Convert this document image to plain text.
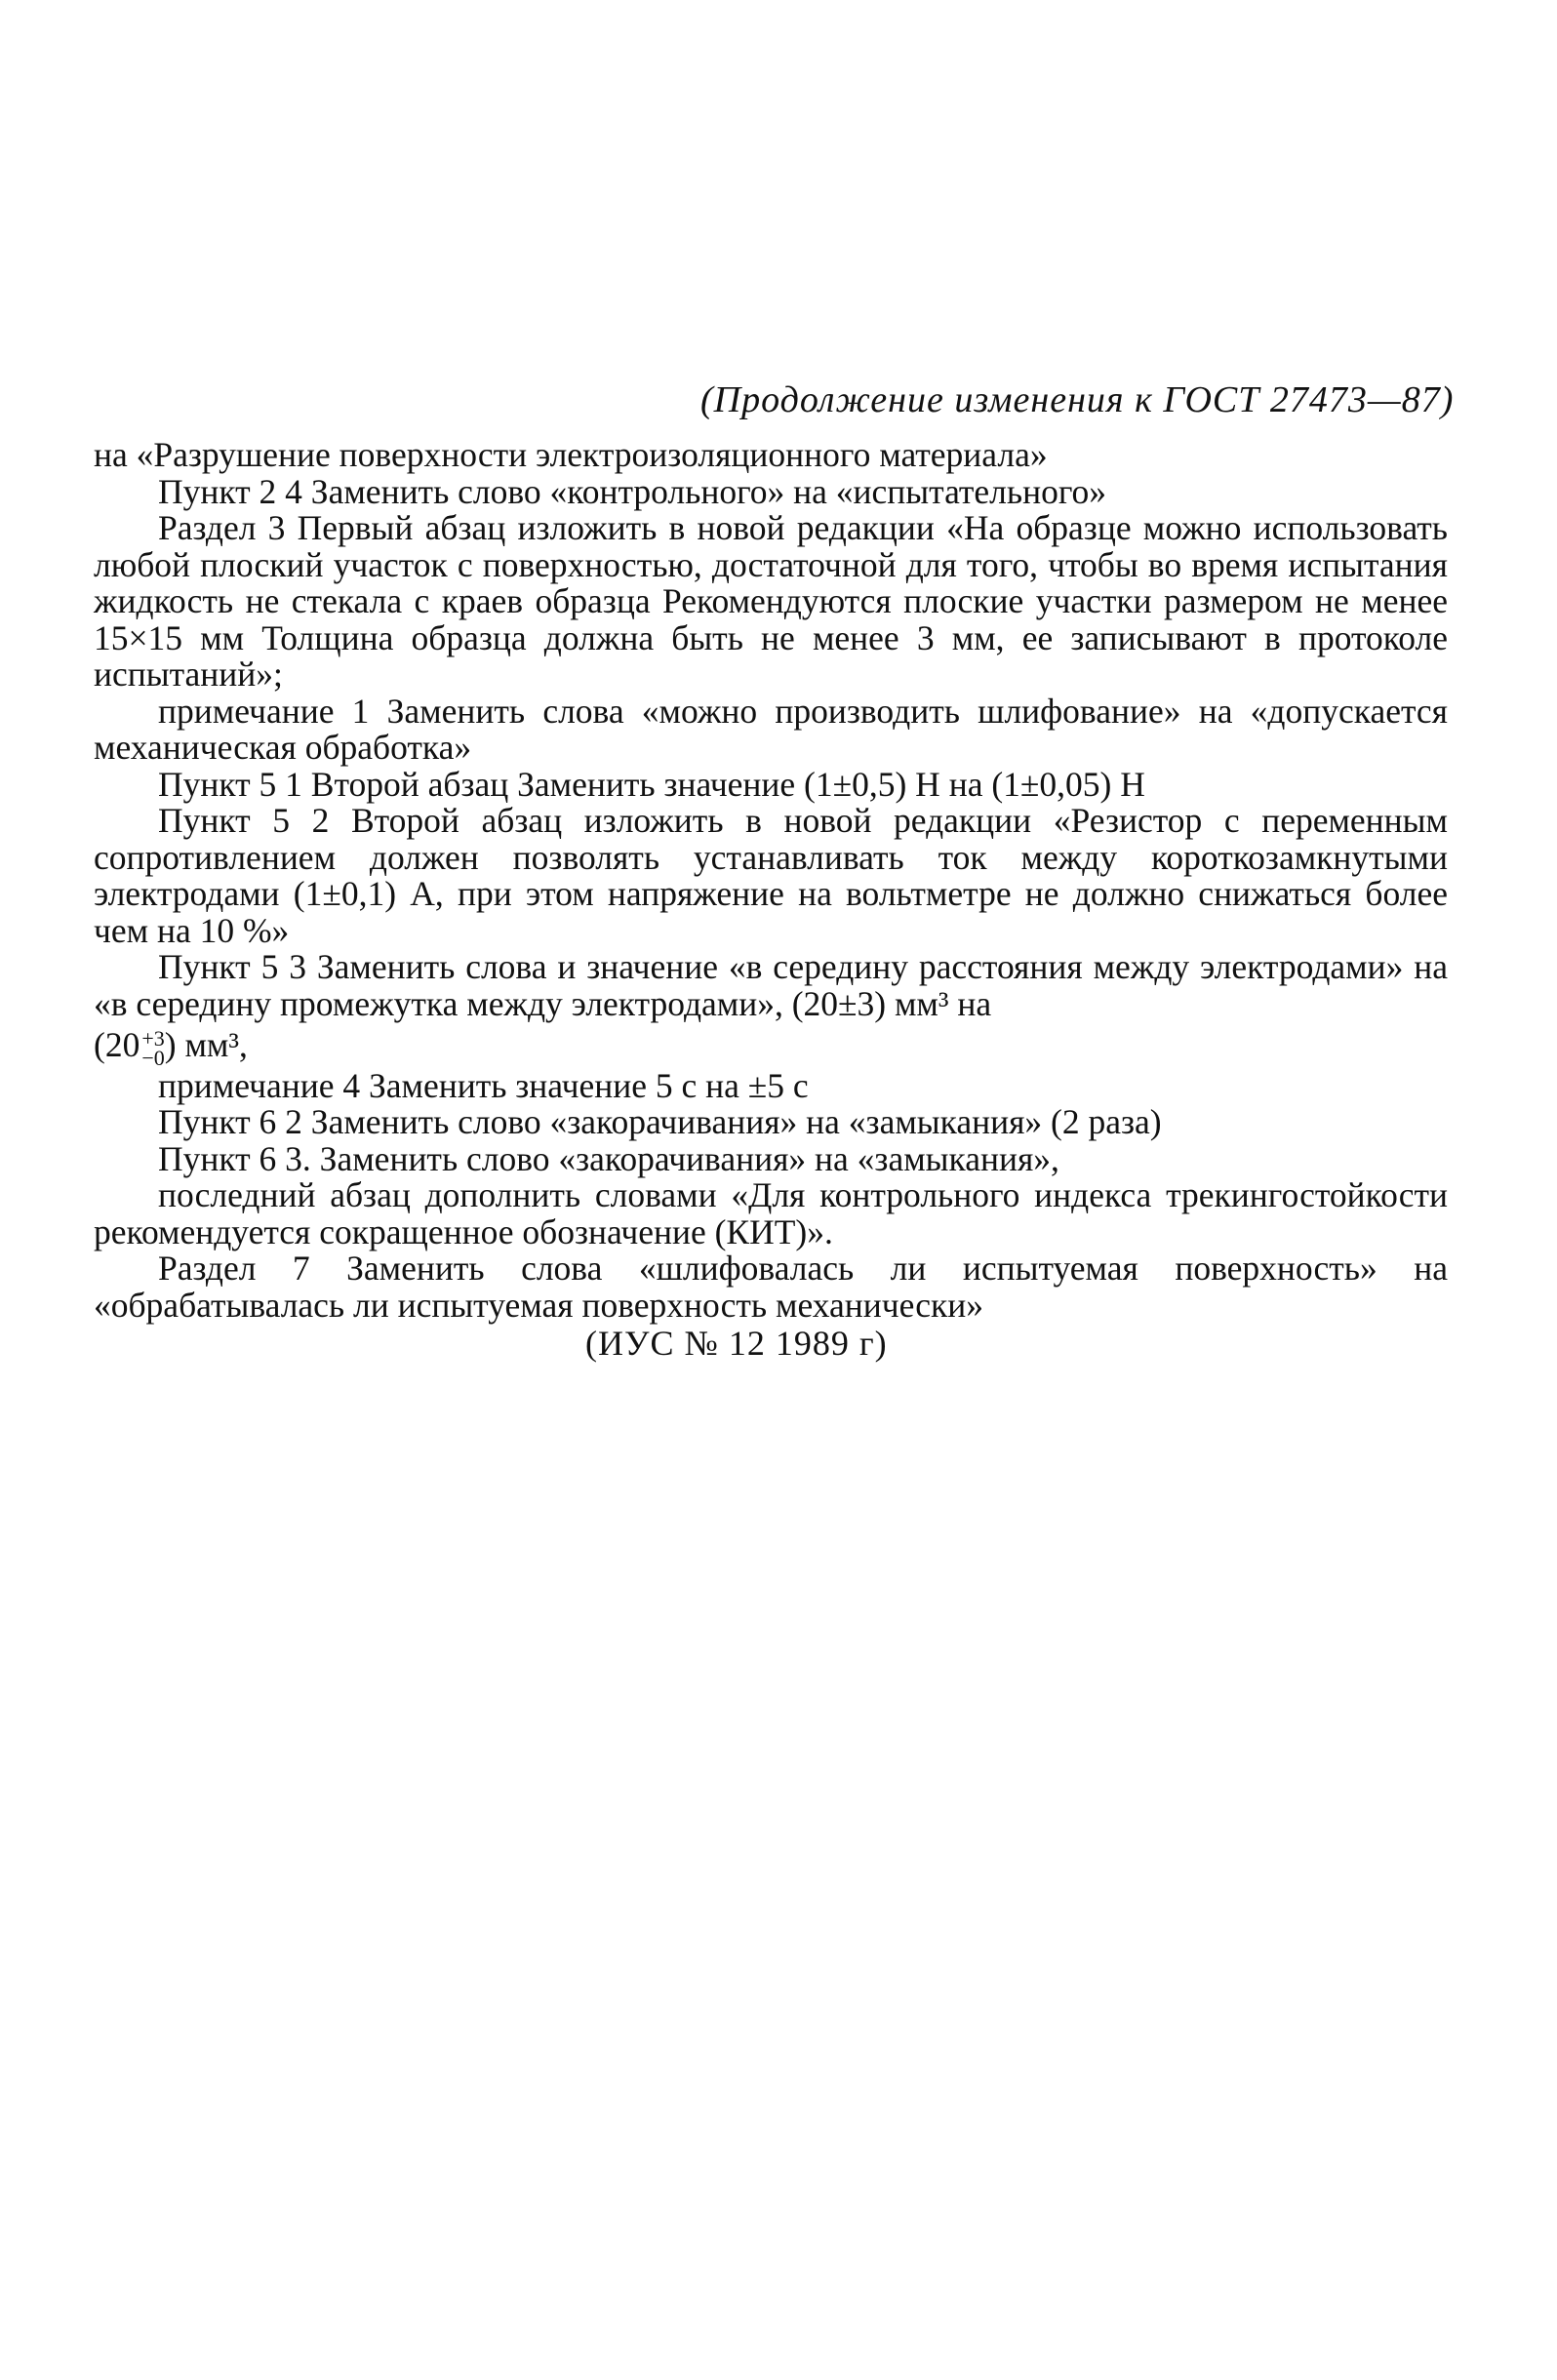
(Продолжение изменения к ГОСТ 27473—87)

на «Разрушение поверхности электроизоляционного материала»

Пункт 2 4 Заменить слово «контрольного» на «испытательного»

Раздел 3 Первый абзац изложить в новой редакции «На образце можно использовать любой плоский участок с поверхностью, достаточной для того, чтобы во время испытания жидкость не стекала с краев образца Рекомендуются плоские участки размером не менее 15×15 мм Толщина образца должна быть не менее 3 мм, ее записывают в протоколе испытаний»;

примечание 1 Заменить слова «можно производить шлифование» на «допускается механическая обработка»

Пункт 5 1 Второй абзац Заменить значение (1±0,5) Н на (1±0,05) Н

Пункт 5 2 Второй абзац изложить в новой редакции «Резистор с переменным сопротивлением должен позволять устанавливать ток между короткозамкнутыми электродами (1±0,1) А, при этом напряжение на вольтметре не должно снижаться более чем на 10 %»

Пункт 5 3 Заменить слова и значение «в середину расстояния между электродами» на «в середину промежутка между электродами», (20±3) мм³ на

(20 +3
−0 ) мм³,

примечание 4 Заменить значение 5 с на ±5 с

Пункт 6 2 Заменить слово «закорачивания» на «замыкания» (2 раза)

Пункт 6 3. Заменить слово «закорачивания» на «замыкания»,

последний абзац дополнить словами «Для контрольного индекса трекингостойкости рекомендуется сокращенное обозначение (КИТ)».

Раздел 7 Заменить слова «шлифовалась ли испытуемая поверхность» на «обрабатывалась ли испытуемая поверхность механически»

(ИУС № 12 1989 г)
